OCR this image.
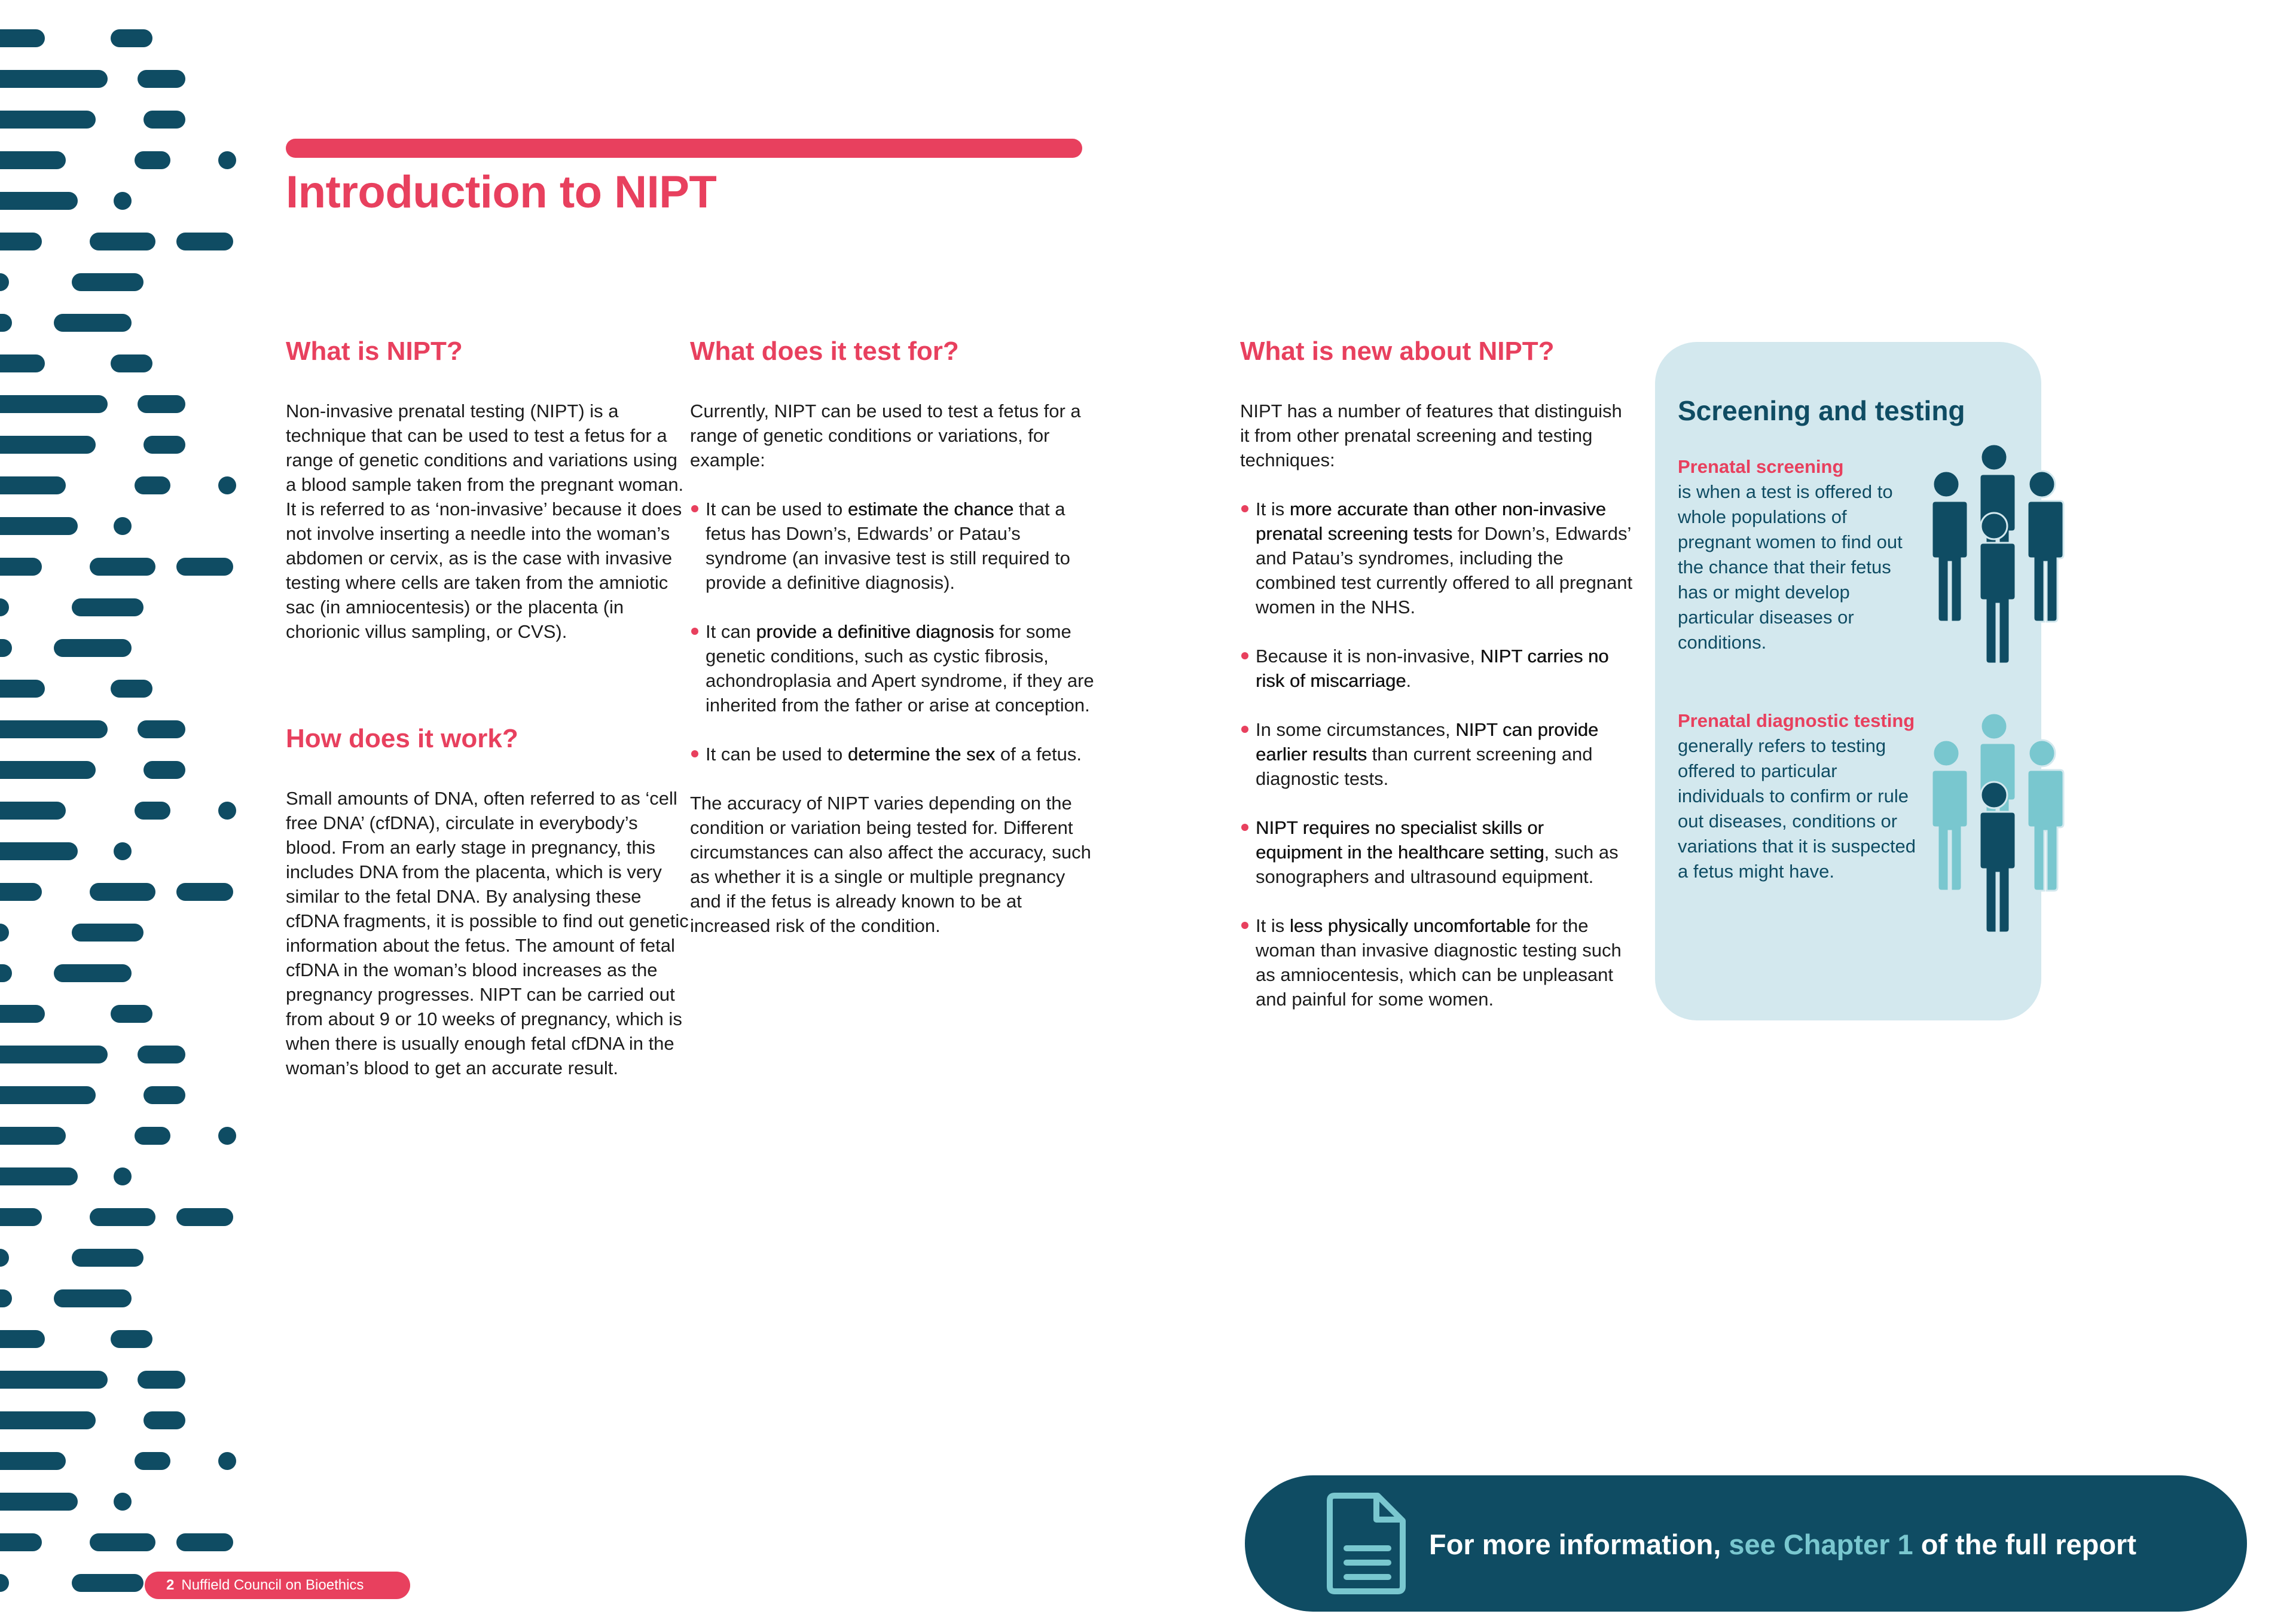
Introduction to NIPT
What is NIPT?

Non-invasive prenatal testing (NIPT) is a technique that can be used to test a fetus for a range of genetic conditions and variations using a blood sample taken from the pregnant woman. It is referred to as ‘non-invasive’ because it does not involve inserting a needle into the woman’s abdomen or cervix, as is the case with invasive testing where cells are taken from the amniotic sac (in amniocentesis) or the placenta (in chorionic villus sampling, or CVS).

How does it work?

Small amounts of DNA, often referred to as ‘cell free DNA’ (cfDNA), circulate in everybody’s blood. From an early stage in pregnancy, this includes DNA from the placenta, which is very similar to the fetal DNA. By analysing these cfDNA fragments, it is possible to find out genetic information about the fetus. The amount of fetal cfDNA in the woman’s blood increases as the pregnancy progresses. NIPT can be carried out from about 9 or 10 weeks of pregnancy, which is when there is usually enough fetal cfDNA in the woman’s blood to get an accurate result.

What does it test for?

Currently, NIPT can be used to test a fetus for a range of genetic conditions or variations, for example:

It can be used to estimate the chance that a fetus has Down’s, Edwards’ or Patau’s syndrome (an invasive test is still required to provide a definitive diagnosis).
It can provide a definitive diagnosis for some genetic conditions, such as cystic fibrosis, achondroplasia and Apert syndrome, if they are inherited from the father or arise at conception.
It can be used to determine the sex of a fetus.

The accuracy of NIPT varies depending on the condition or variation being tested for. Different circumstances can also affect the accuracy, such as whether it is a single or multiple pregnancy and if the fetus is already known to be at increased risk of the condition.

What is new about NIPT?

NIPT has a number of features that distinguish it from other prenatal screening and testing techniques:

It is more accurate than other non-invasive prenatal screening tests for Down’s, Edwards’ and Patau’s syndromes, including the combined test currently offered to all pregnant women in the NHS.
Because it is non-invasive, NIPT carries no risk of miscarriage.
In some circumstances, NIPT can provide earlier results than current screening and diagnostic tests.
NIPT requires no specialist skills or equipment in the healthcare setting, such as sonographers and ultrasound equipment.
It is less physically uncomfortable for the woman than invasive diagnostic testing such as amniocentesis, which can be unpleasant and painful for some women.
Screening and testing
Prenatal screening
is when a test is offered to whole populations of pregnant women to find out the chance that their fetus has or might develop particular diseases or conditions.
Prenatal diagnostic testing generally refers to testing offered to particular individuals to confirm or rule out diseases, conditions or variations that it is suspected a fetus might have.
For more information, see Chapter 1 of the full report
2 Nuffield Council on Bioethics
